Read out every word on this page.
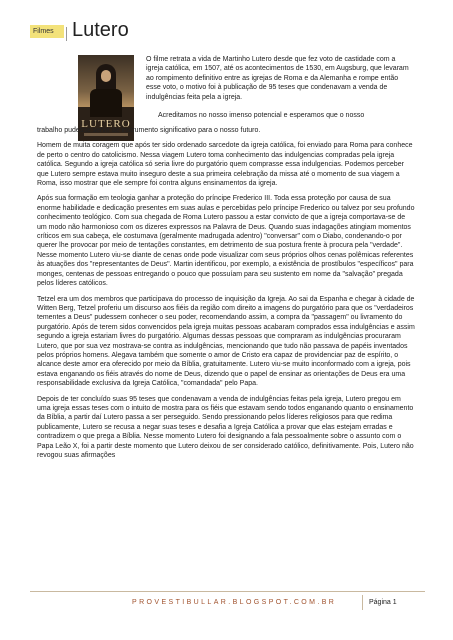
Filmes Lutero
LUTERO

O filme retrata a vida de Martinho Lutero desde que fez voto de castidade com a igreja católica, em 1507, até os acontecimentos de 1530, em Augsburg, que levaram ao rompimento definitivo entre as igrejas de Roma e da Alemanha e rompe então esse voto, o motivo foi à publicação de 95 teses que condenavam a venda de indulgências feita pela a igreja.

Acreditamos no nosso imenso potencial e esperamos que o nosso

trabalho pudesse servir de instrumento significativo para o nosso futuro.

Homem de muita coragem que após ter sido ordenado sarcedote da igreja católica, foi enviado para Roma para conhece de perto o centro do catolicismo. Nessa viagem Lutero toma conhecimento das indulgencias compradas pela igreja católica. Segundo a igreja católica só seria livre do purgatório quem comprasse essa indulgencias. Podemos perceber que Lutero sempre estava muito inseguro deste a sua primeira celebração da missa até o momento de sua viagem a Roma, isso mostrar que ele sempre foi contra alguns ensinamentos da igreja.

Após sua formação em teologia ganhar a proteção do príncipe Frederico III. Toda essa proteção por causa de sua enorme habilidade e dedicação presentes em suas aulas e percebidas pelo príncipe Frederico ou talvez por seu profundo conhecimento teológico. Com sua chegada de Roma Lutero passou a estar convicto de que a igreja comportava-se de um modo não harmonioso com os dizeres expressos na Palavra de Deus. Quando suas indagações atingiam momentos críticos em sua cabeça, ele costumava (geralmente madrugada adentro) "conversar" com o Diabo, condenando-o por querer lhe provocar por meio de tentações constantes, em detrimento de sua postura frente à procura pela "verdade". Nesse momento Lutero viu-se diante de cenas onde pode visualizar com seus próprios olhos cenas polêmicas referentes às atuações dos "representantes de Deus". Martin identificou, por exemplo, a existência de prostíbulos "específicos" para monges, centenas de pessoas entregando o pouco que possuíam para seu sustento em nome da "salvação" pregada pelos líderes católicos.

Tetzel era um dos membros que participava do processo de inquisição da Igreja. Ao sai da Espanha e chegar à cidade de Witten Berg, Tetzel proferiu um discurso aos fiéis da região com direito a imagens do purgatório para que os "verdadeiros tementes a Deus" pudessem conhecer o seu poder, recomendando assim, a compra da "passagem" ou livramento do purgatório. Após de terem sidos convencidos pela igreja muitas pessoas acabaram comprados essa indulgências e assim segundo a igreja estariam livres do purgatório. Algumas dessas pessoas que compraram as indulgências procuraram Lutero, que por sua vez mostrava-se contra as indulgências, mencionando que tudo não passava de papéis inventados pelos próprios homens. Alegava também que somente o amor de Cristo era capaz de providenciar paz de espírito, o alcance deste amor era oferecido por meio da Bíblia, gratuitamente. Lutero viu-se muito inconformado com a igreja, pois estava enganando os fiéis através do nome de Deus, dizendo que o papel de ensinar as orientações de Deus era uma responsabilidade exclusiva da Igreja Católica, "comandada" pelo Papa.

Depois de ter concluído suas 95 teses que condenavam a venda de indulgências feitas pela igreja, Lutero pregou em uma igreja essas teses com o intuito de mostra para os fiéis que estavam sendo todos enganando quanto o ensinamento da Bíblia, a partir daí Lutero passa a ser perseguido. Sendo pressionando pelos líderes religiosos para que redima publicamente, Lutero se recusa a negar suas teses e desafia a Igreja Católica a provar que elas estejam erradas e contradizem o que prega a Bíblia. Nesse momento Lutero foi designando a fala pessoalmente sobre o assunto com o Papa Leão X, foi a partir deste momento que Lutero deixou de ser considerado católico, definitivamente. Pois, Lutero não revogou suas afirmações

PROVESTIBULLAR.BLOGSPOT.COM.BR	Página 1
